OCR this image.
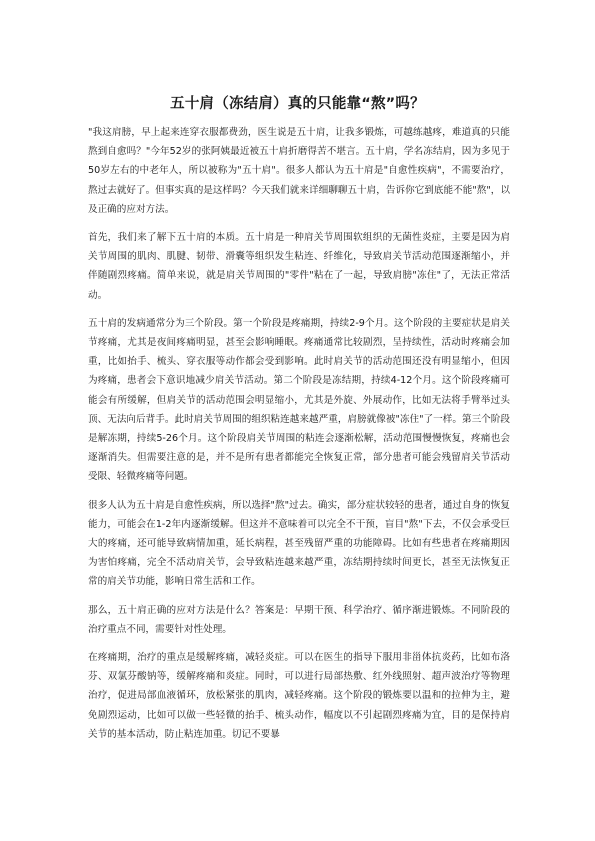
五十肩（冻结肩）真的只能靠“熬”吗？

"我这肩膀，早上起来连穿衣服都费劲，医生说是五十肩，让我多锻炼，可越练越疼，难道真的只能熬到自愈吗？"今年52岁的张阿姨最近被五十肩折磨得苦不堪言。五十肩，学名冻结肩，因为多见于50岁左右的中老年人，所以被称为"五十肩"。很多人都认为五十肩是"自愈性疾病"，不需要治疗，熬过去就好了。但事实真的是这样吗？今天我们就来详细聊聊五十肩，告诉你它到底能不能"熬"，以及正确的应对方法。

首先，我们来了解下五十肩的本质。五十肩是一种肩关节周围软组织的无菌性炎症，主要是因为肩关节周围的肌肉、肌腱、韧带、滑囊等组织发生粘连、纤维化，导致肩关节活动范围逐渐缩小，并伴随剧烈疼痛。简单来说，就是肩关节周围的"零件"粘在了一起，导致肩膀"冻住"了，无法正常活动。

五十肩的发病通常分为三个阶段。第一个阶段是疼痛期，持续2-9个月。这个阶段的主要症状是肩关节疼痛，尤其是夜间疼痛明显，甚至会影响睡眠。疼痛通常比较剧烈，呈持续性，活动时疼痛会加重，比如抬手、梳头、穿衣服等动作都会受到影响。此时肩关节的活动范围还没有明显缩小，但因为疼痛，患者会下意识地减少肩关节活动。第二个阶段是冻结期，持续4-12个月。这个阶段疼痛可能会有所缓解，但肩关节的活动范围会明显缩小，尤其是外旋、外展动作，比如无法将手臂举过头顶、无法向后背手。此时肩关节周围的组织粘连越来越严重，肩膀就像被"冻住"了一样。第三个阶段是解冻期，持续5-26个月。这个阶段肩关节周围的粘连会逐渐松解，活动范围慢慢恢复，疼痛也会逐渐消失。但需要注意的是，并不是所有患者都能完全恢复正常，部分患者可能会残留肩关节活动受限、轻微疼痛等问题。

很多人认为五十肩是自愈性疾病，所以选择"熬"过去。确实，部分症状较轻的患者，通过自身的恢复能力，可能会在1-2年内逐渐缓解。但这并不意味着可以完全不干预，盲目"熬"下去，不仅会承受巨大的疼痛，还可能导致病情加重，延长病程，甚至残留严重的功能障碍。比如有些患者在疼痛期因为害怕疼痛，完全不活动肩关节，会导致粘连越来越严重，冻结期持续时间更长，甚至无法恢复正常的肩关节功能，影响日常生活和工作。

那么，五十肩正确的应对方法是什么？答案是：早期干预、科学治疗、循序渐进锻炼。不同阶段的治疗重点不同，需要针对性处理。

在疼痛期，治疗的重点是缓解疼痛，减轻炎症。可以在医生的指导下服用非甾体抗炎药，比如布洛芬、双氯芬酸钠等，缓解疼痛和炎症。同时，可以进行局部热敷、红外线照射、超声波治疗等物理治疗，促进局部血液循环，放松紧张的肌肉，减轻疼痛。这个阶段的锻炼要以温和的拉伸为主，避免剧烈运动，比如可以做一些轻微的抬手、梳头动作，幅度以不引起剧烈疼痛为宜，目的是保持肩关节的基本活动，防止粘连加重。切记不要暴
